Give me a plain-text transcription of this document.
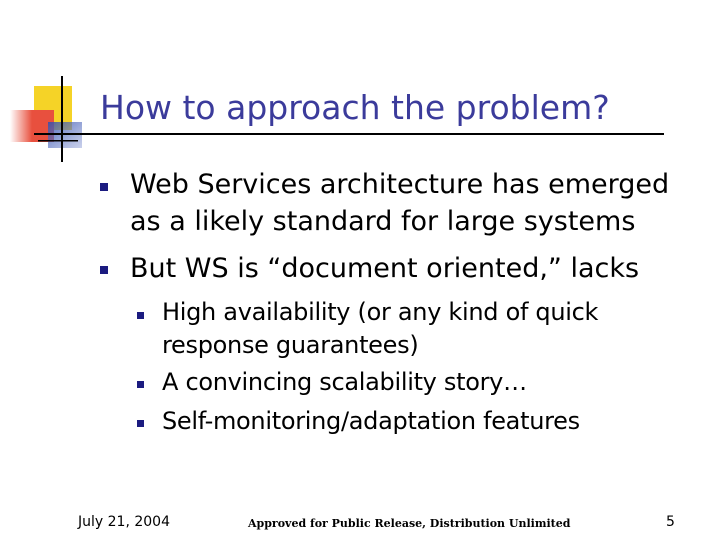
How to approach the problem?
Web Services architecture has emerged as a likely standard for large systems
But WS is “document oriented,” lacks
High availability (or any kind of quick response guarantees)
A convincing scalability story…
Self-monitoring/adaptation features
July 21, 2004	Approved for Public Release, Distribution Unlimited	5
